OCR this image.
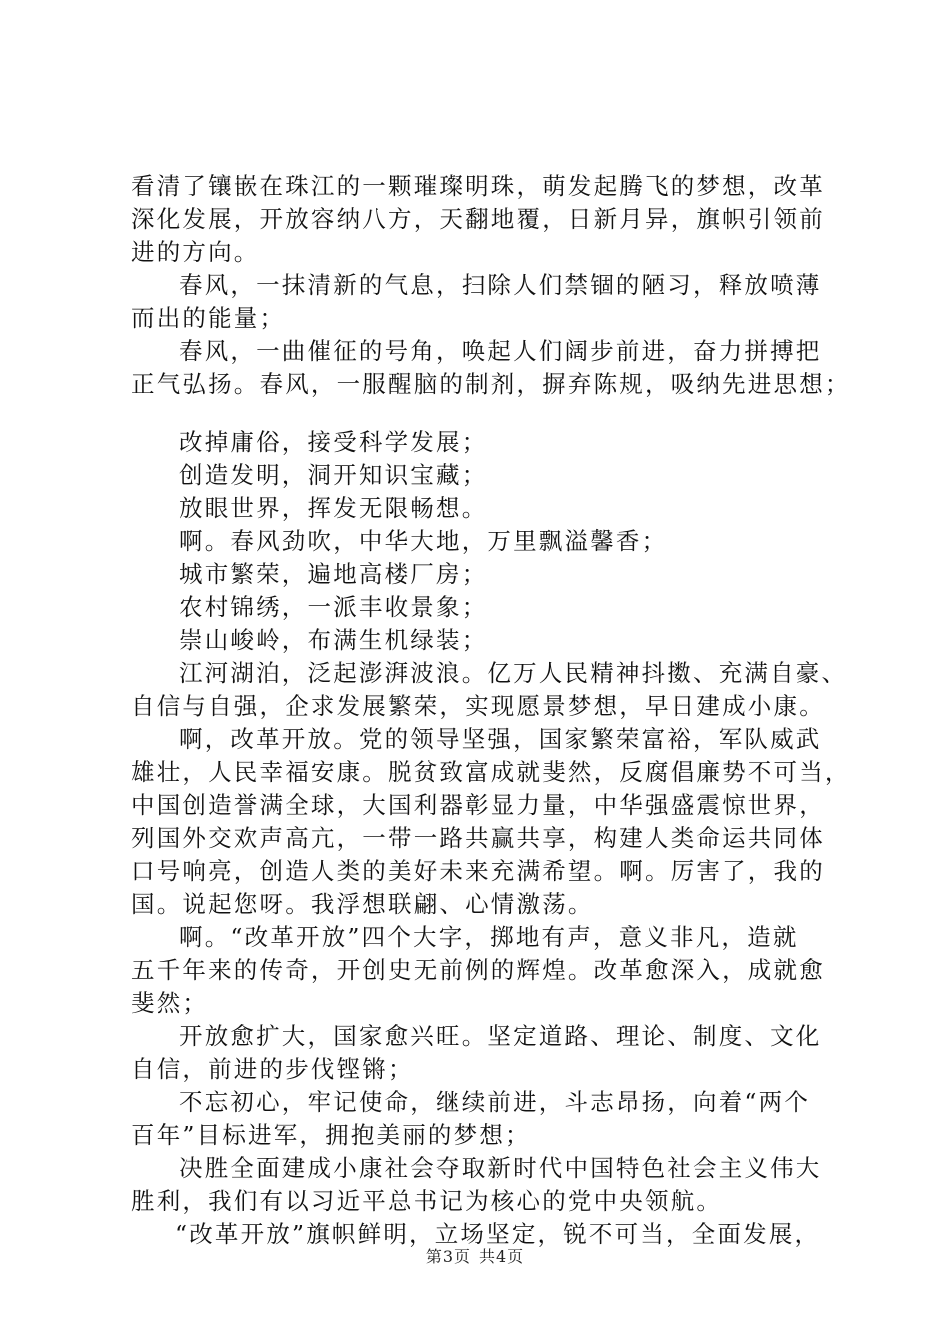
看清了镶嵌在珠江的一颗璀璨明珠，萌发起腾飞的梦想，改革
深化发展，开放容纳八方，天翻地覆，日新月异，旗帜引领前
进的方向。
春风，一抹清新的气息，扫除人们禁锢的陋习，释放喷薄
而出的能量；
春风，一曲催征的号角，唤起人们阔步前进，奋力拼搏把
正气弘扬。春风，一服醒脑的制剂，摒弃陈规，吸纳先进思想；
改掉庸俗，接受科学发展；
创造发明，洞开知识宝藏；
放眼世界，挥发无限畅想。
啊。春风劲吹，中华大地，万里飘溢馨香；
城市繁荣，遍地高楼厂房；
农村锦绣，一派丰收景象；
崇山峻岭，布满生机绿装；
江河湖泊，泛起澎湃波浪。亿万人民精神抖擞、充满自豪、
自信与自强，企求发展繁荣，实现愿景梦想，早日建成小康。
啊，改革开放。党的领导坚强，国家繁荣富裕，军队威武
雄壮，人民幸福安康。脱贫致富成就斐然，反腐倡廉势不可当，
中国创造誉满全球，大国利器彰显力量，中华强盛震惊世界，
列国外交欢声高亢，一带一路共赢共享，构建人类命运共同体
口号响亮，创造人类的美好未来充满希望。啊。厉害了，我的
国。说起您呀。我浮想联翩、心情激荡。
啊。“改革开放”四个大字，掷地有声，意义非凡，造就
五千年来的传奇，开创史无前例的辉煌。改革愈深入，成就愈
斐然；
开放愈扩大，国家愈兴旺。坚定道路、理论、制度、文化
自信，前进的步伐铿锵；
不忘初心，牢记使命，继续前进，斗志昂扬，向着“两个
百年”目标进军，拥抱美丽的梦想；
决胜全面建成小康社会夺取新时代中国特色社会主义伟大
胜利，我们有以习近平总书记为核心的党中央领航。
“改革开放”旗帜鲜明，立场坚定，锐不可当，全面发展，
第3页 共4页
